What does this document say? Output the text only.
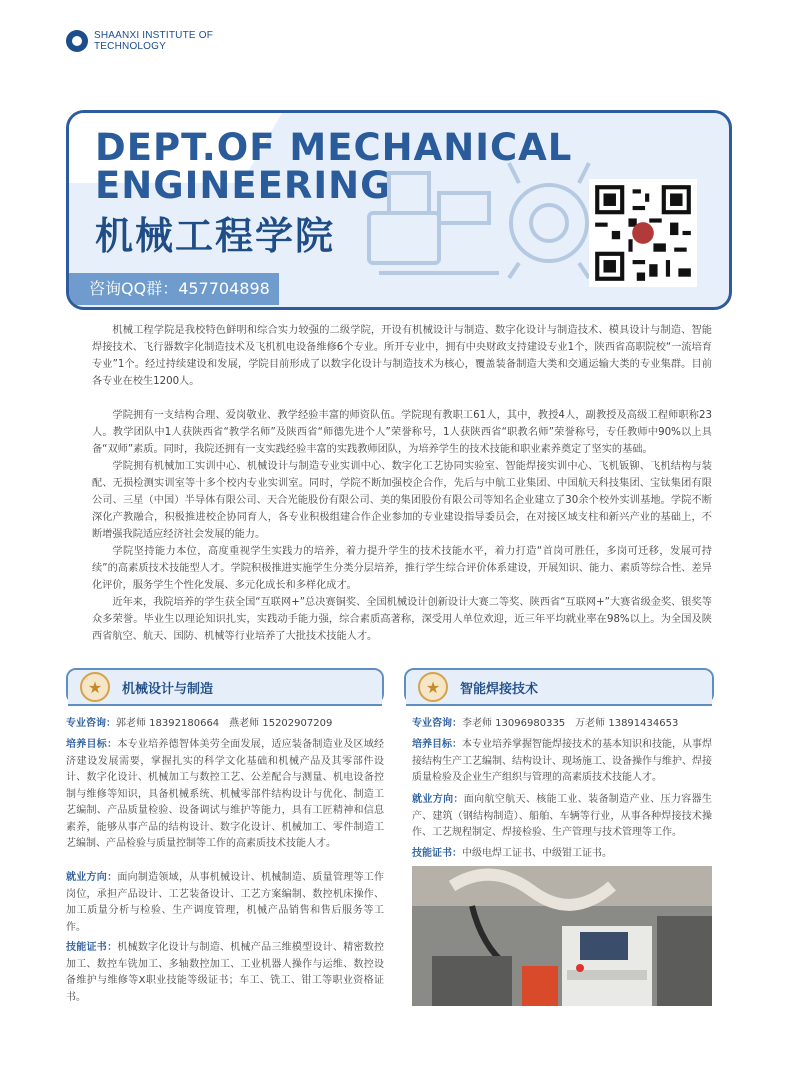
SHAANXI INSTITUTE OF
TECHNOLOGY
DEPT.OF MECHANICAL
ENGINEERING
机械工程学院
咨询QQ群：457704898

机械工程学院是我校特色鲜明和综合实力较强的二级学院，开设有机械设计与制造、数字化设计与制造技术、模具设计与制造、智能焊接技术、飞行器数字化制造技术及飞机机电设备维修6个专业。所开专业中，拥有中央财政支持建设专业1个，陕西省高职院校“一流培育专业”1个。经过持续建设和发展，学院目前形成了以数字化设计与制造技术为核心，覆盖装备制造大类和交通运输大类的专业集群。目前各专业在校生1200人。

学院拥有一支结构合理、爱岗敬业、教学经验丰富的师资队伍。学院现有教职工61人，其中，教授4人，副教授及高级工程师职称23人。教学团队中1人获陕西省“教学名师”及陕西省“师德先进个人”荣誉称号，1人获陕西省“职教名师”荣誉称号，专任教师中90%以上具备“双师”素质。同时，我院还拥有一支实践经验丰富的实践教师团队，为培养学生的技术技能和职业素养奠定了坚实的基础。

学院拥有机械加工实训中心、机械设计与制造专业实训中心、数字化工艺协同实验室、智能焊接实训中心、飞机钣铆、飞机结构与装配、无损检测实训室等十多个校内专业实训室。同时，学院不断加强校企合作，先后与中航工业集团、中国航天科技集团、宝钛集团有限公司、三星（中国）半导体有限公司、天合光能股份有限公司、美的集团股份有限公司等知名企业建立了30余个校外实训基地。学院不断深化产教融合，积极推进校企协同育人，各专业积极组建合作企业参加的专业建设指导委员会，在对接区域支柱和新兴产业的基础上，不断增强我院适应经济社会发展的能力。

学院坚持能力本位，高度重视学生实践力的培养，着力提升学生的技术技能水平，着力打造“首岗可胜任，多岗可迁移，发展可持续”的高素质技术技能型人才。学院积极推进实施学生分类分层培养，推行学生综合评价体系建设，开展知识、能力、素质等综合性、差异化评价，服务学生个性化发展、多元化成长和多样化成才。

近年来，我院培养的学生获全国“互联网+”总决赛铜奖、全国机械设计创新设计大赛二等奖、陕西省“互联网+”大赛省级金奖、银奖等众多荣誉。毕业生以理论知识扎实，实践动手能力强，综合素质高著称，深受用人单位欢迎，近三年平均就业率在98%以上。为全国及陕西省航空、航天、国防、机械等行业培养了大批技术技能人才。

★	机械设计与制造

专业咨询：郭老师 18392180664　燕老师 15202907209

培养目标：本专业培养德智体美劳全面发展，适应装备制造业及区域经济建设发展需要，掌握扎实的科学文化基础和机械产品及其零部件设计、数字化设计、机械加工与数控工艺、公差配合与测量、机电设备控制与维修等知识，具备机械系统、机械零部件结构设计与优化、制造工艺编制、产品质量检验、设备调试与维护等能力，具有工匠精神和信息素养，能够从事产品的结构设计、数字化设计、机械加工、零件制造工艺编制、产品检验与质量控制等工作的高素质技术技能人才。

就业方向：面向制造领域，从事机械设计、机械制造、质量管理等工作岗位，承担产品设计、工艺装备设计、工艺方案编制、数控机床操作、加工质量分析与检验、生产调度管理，机械产品销售和售后服务等工作。

技能证书：机械数字化设计与制造、机械产品三维模型设计、精密数控加工、数控车铣加工、多轴数控加工、工业机器人操作与运维、数控设备维护与维修等X职业技能等级证书；车工、铣工、钳工等职业资格证书。

★	智能焊接技术

专业咨询：李老师 13096980335　万老师 13891434653

培养目标：本专业培养掌握智能焊接技术的基本知识和技能，从事焊接结构生产工艺编制、结构设计、现场施工、设备操作与维护、焊接质量检验及企业生产组织与管理的高素质技术技能人才。

就业方向：面向航空航天、核能工业、装备制造产业、压力容器生产、建筑（钢结构制造）、船舶、车辆等行业，从事各种焊接技术操作、工艺规程制定、焊接检验、生产管理与技术管理等工作。

技能证书：中级电焊工证书、中级钳工证书。
